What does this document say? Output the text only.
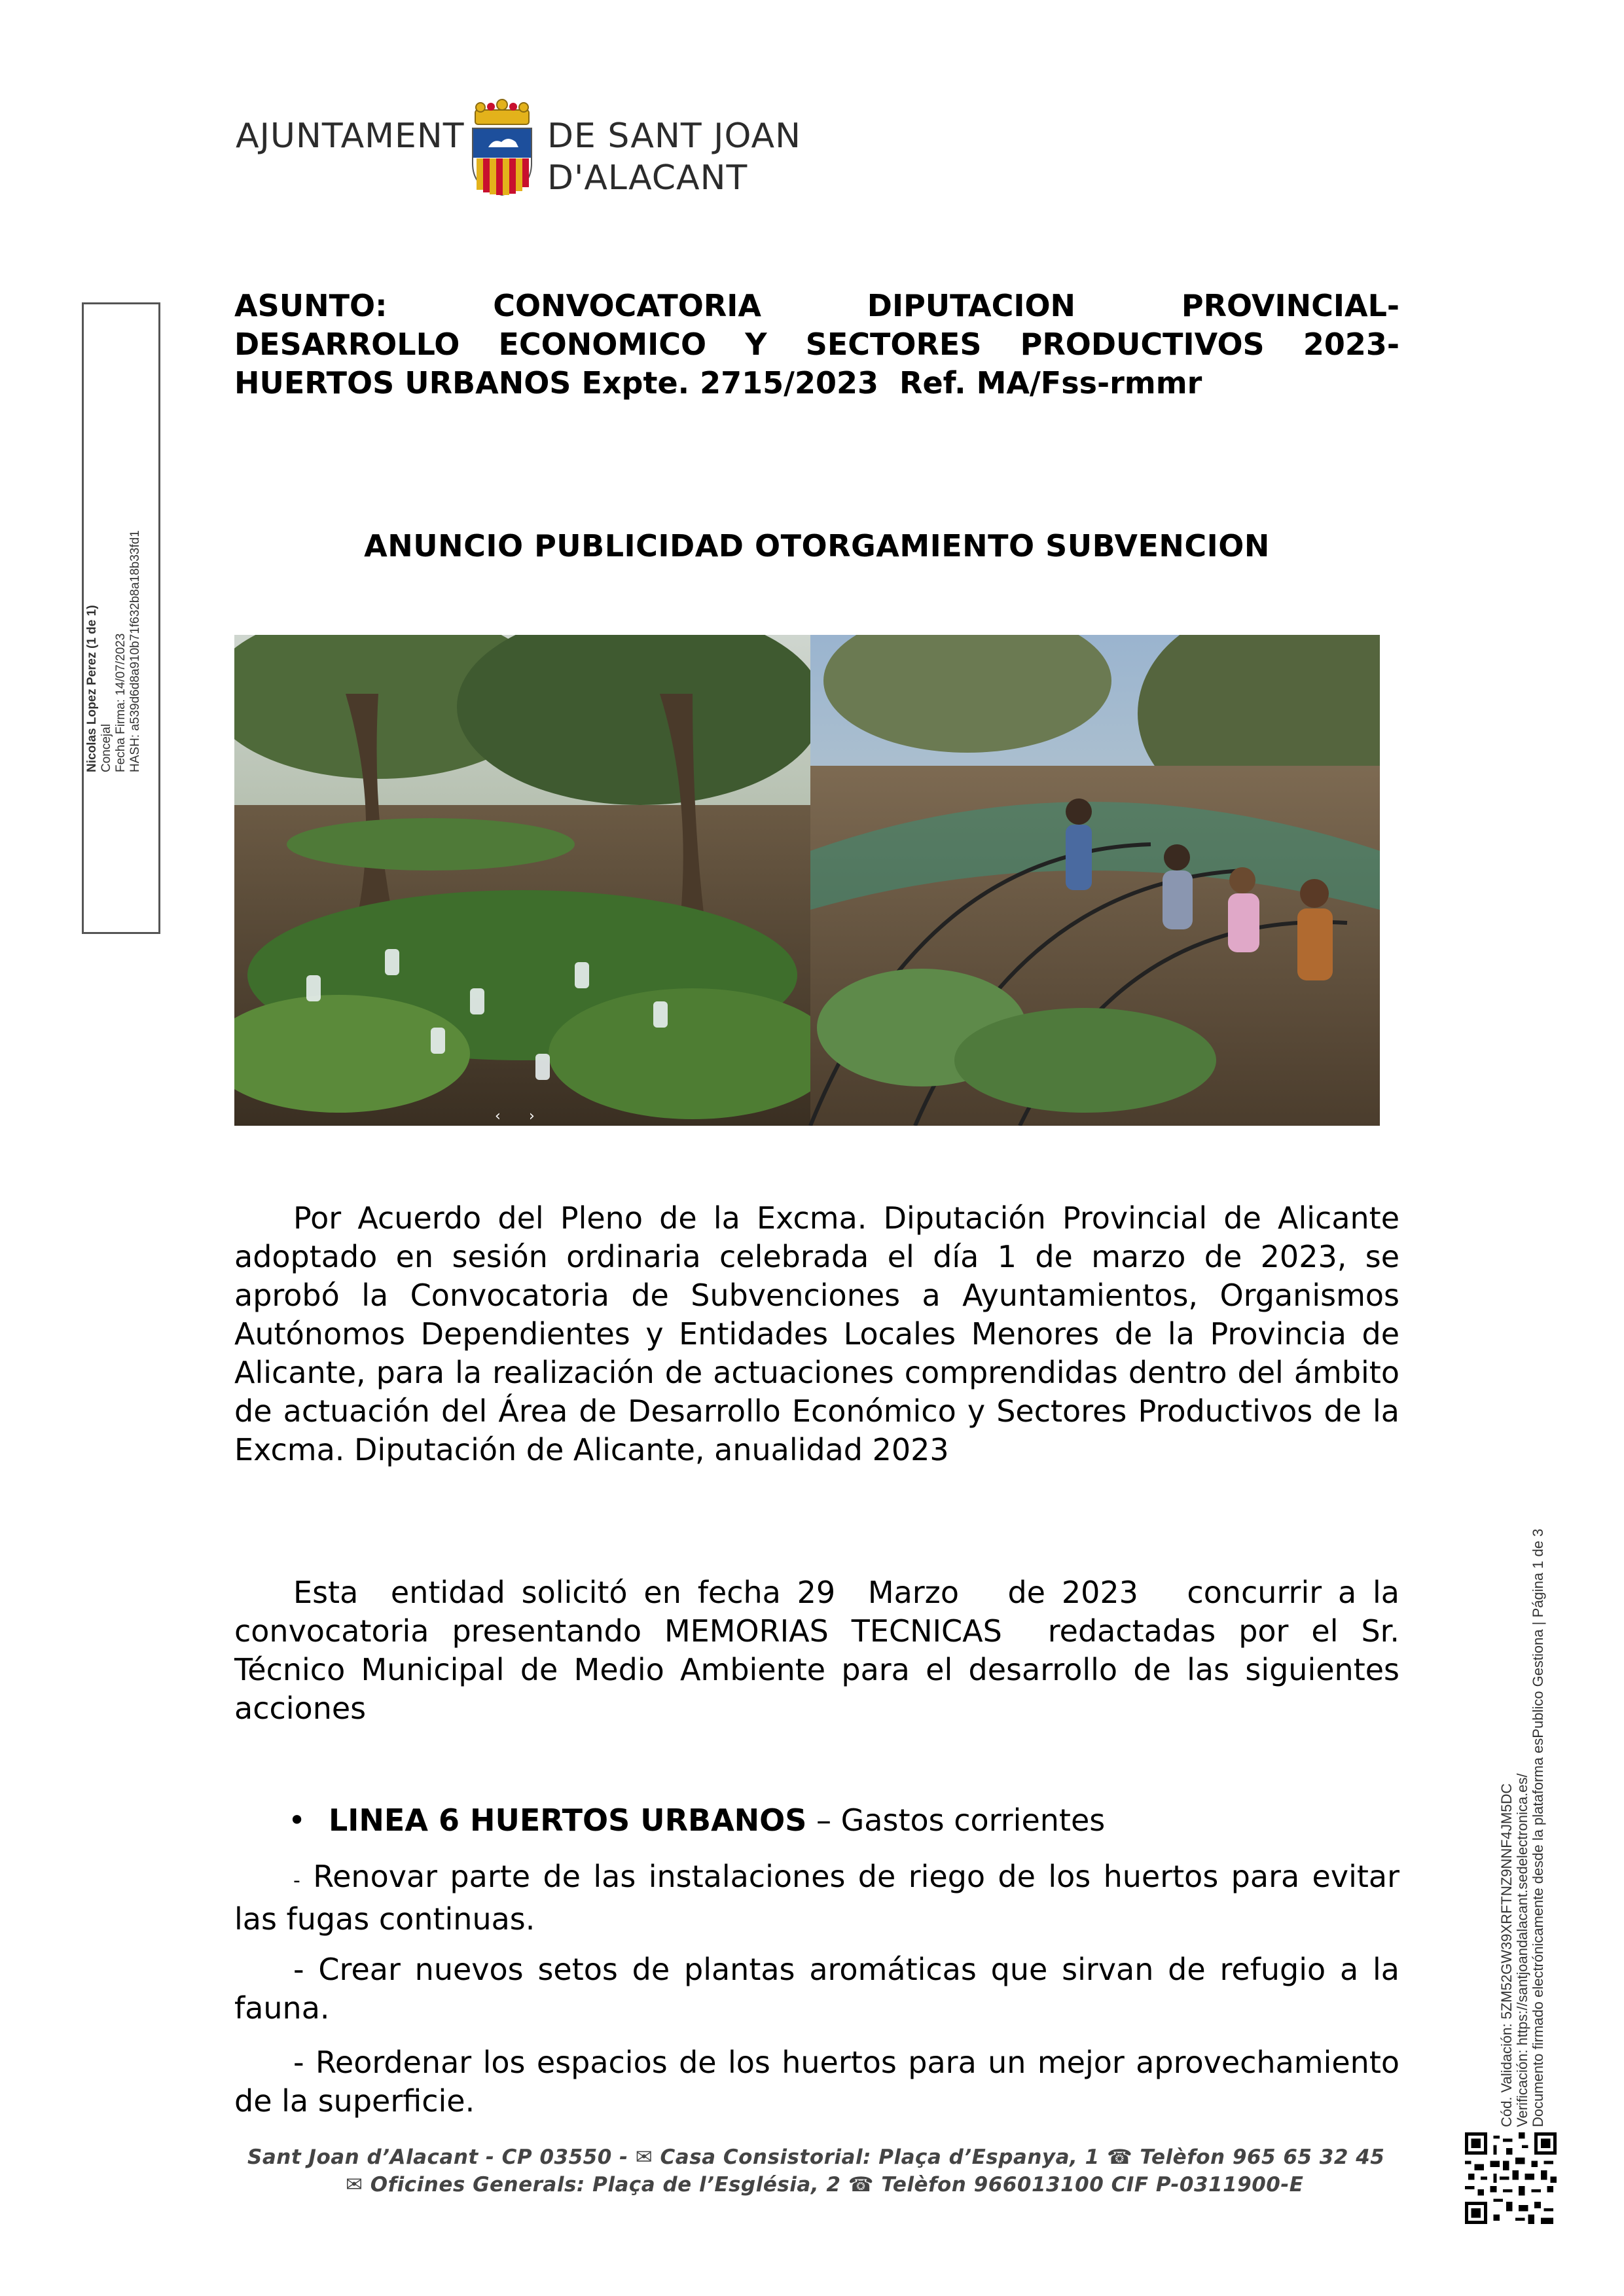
AJUNTAMENT DE SANT JOAN
D'ALACANT
Nicolas Lopez Perez (1 de 1) Concejal Fecha Firma: 14/07/2023 HASH: a539d6d8a910b71f632b8a18b33fd1
ASUNTO:	CONVOCATORIA	DIPUTACION	PROVINCIAL-
DESARROLLO ECONOMICO Y SECTORES PRODUCTIVOS 2023-
HUERTOS URBANOS Expte. 2715/2023  Ref. MA/Fss-rmmr
ANUNCIO PUBLICIDAD OTORGAMIENTO SUBVENCION
‹ ›
Por Acuerdo del Pleno de la Excma. Diputación Provincial de Alicante adoptado en sesión ordinaria celebrada el día 1 de marzo de 2023, se aprobó la Convocatoria de Subvenciones a Ayuntamientos, Organismos Autónomos Dependientes y Entidades Locales Menores de la Provincia de Alicante, para la realización de actuaciones comprendidas dentro del ámbito de actuación del Área de Desarrollo Económico y Sectores Productivos de la Excma. Diputación de Alicante, anualidad 2023
Esta  entidad solicitó en fecha 29  Marzo   de 2023   concurrir a la convocatoria presentando MEMORIAS TECNICAS  redactadas por el Sr. Técnico Municipal de Medio Ambiente para el desarrollo de las siguientes acciones
• LINEA 6 HUERTOS URBANOS – Gastos corrientes
- Renovar parte de las instalaciones de riego de los huertos para evitar las fugas continuas.
- Crear nuevos setos de plantas aromáticas que sirvan de refugio a la fauna.
- Reordenar los espacios de los huertos para un mejor aprovechamiento de la superficie.
Sant Joan d’Alacant - CP 03550 - ✉ Casa Consistorial: Plaça d’Espanya, 1 ☎ Telèfon 965 65 32 45
✉ Oficines Generals: Plaça de l’Església, 2 ☎ Telèfon 966013100 CIF P-0311900-E
Cód. Validación: 5ZM52GW39XRFTNZ9NNF4JM5DC Verificación: https://santjoandalacant.sedelectronica.es/ Documento firmado electrónicamente desde la plataforma esPublico Gestiona | Página 1 de 3
